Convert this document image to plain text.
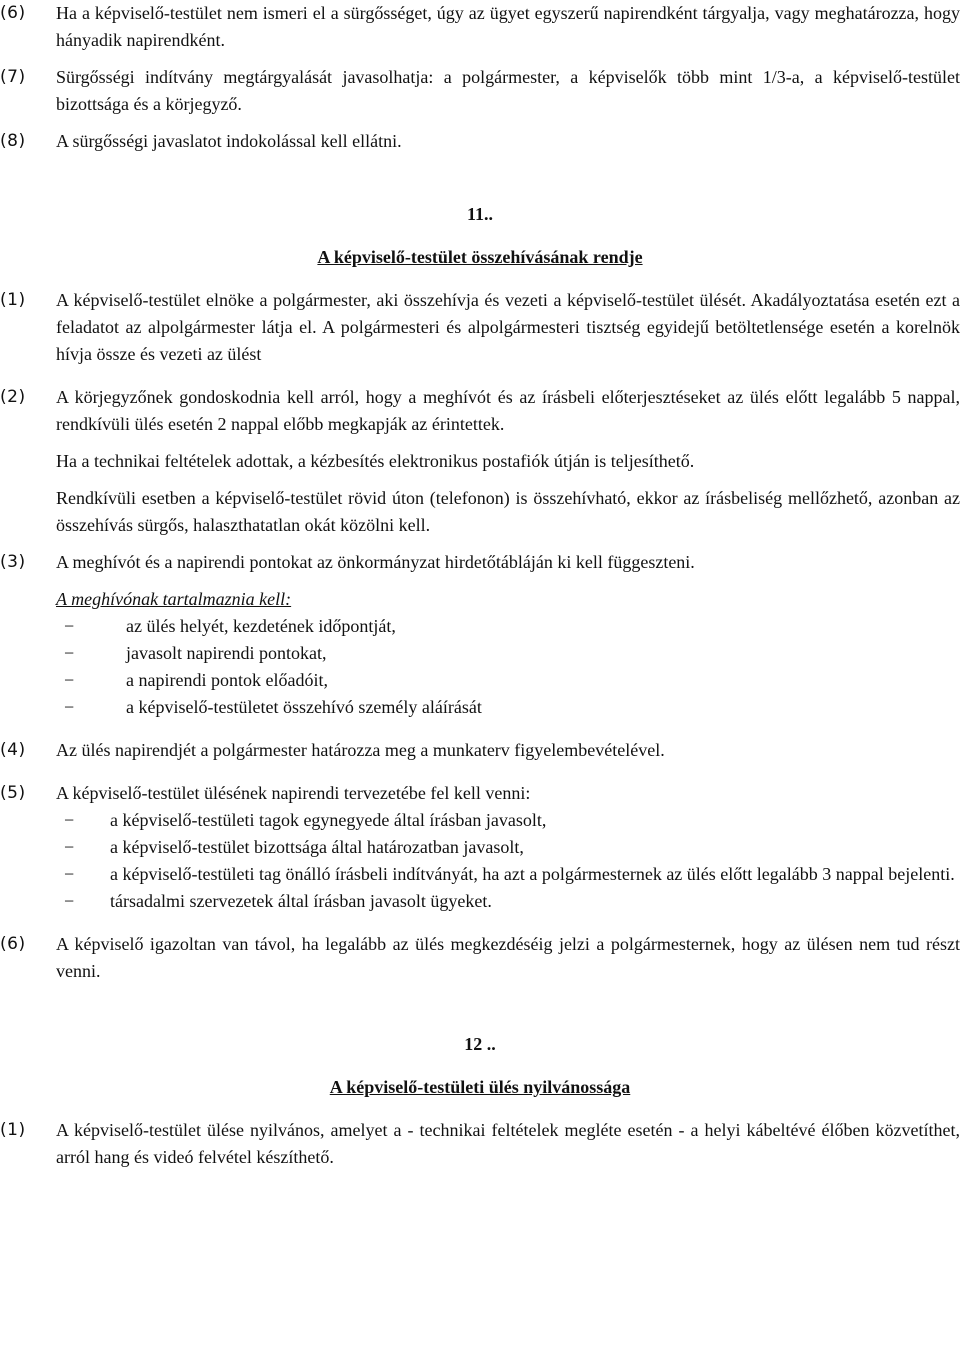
(6) Ha a képviselő-testület nem ismeri el a sürgősséget, úgy az ügyet egyszerű napirendként tárgyalja, vagy meghatározza, hogy hányadik napirendként.
(7) Sürgősségi indítvány megtárgyalását javasolhatja: a polgármester, a képviselők több mint 1/3-a, a képviselő-testület bizottsága és a körjegyző.
(8) A sürgősségi javaslatot indokolással kell ellátni.
11..
A képviselő-testület összehívásának rendje
(1) A képviselő-testület elnöke a polgármester, aki összehívja és vezeti a képviselő-testület ülését. Akadályoztatása esetén ezt a feladatot az alpolgármester látja el. A polgármesteri és alpolgármesteri tisztség egyidejű betöltetlensége esetén a korelnök hívja össze és vezeti az ülést
(2) A körjegyzőnek gondoskodnia kell arról, hogy a meghívót és az írásbeli előterjesztéseket az ülés előtt legalább 5 nappal, rendkívüli ülés esetén 2 nappal előbb megkapják az érintettek.
Ha a technikai feltételek adottak, a kézbesítés elektronikus postafiók útján is teljesíthető.
Rendkívüli esetben a képviselő-testület rövid úton (telefonon) is összehívható, ekkor az írásbeliség mellőzhető, azonban az összehívás sürgős, halaszthatatlan okát közölni kell.
(3) A meghívót és a napirendi pontokat az önkormányzat hirdetőtábláján ki kell függeszteni.
A meghívónak tartalmaznia kell:
−	az ülés helyét, kezdetének időpontját,
−	javasolt napirendi pontokat,
−	a napirendi pontok előadóit,
−	a képviselő-testületet összehívó személy aláírását
(4) Az ülés napirendjét a polgármester határozza meg a munkaterv figyelembevételével.
(5) A képviselő-testület ülésének napirendi tervezetébe fel kell venni:
− a képviselő-testületi tagok egynegyede által írásban javasolt,
− a képviselő-testület bizottsága által határozatban javasolt,
− a képviselő-testületi tag önálló írásbeli indítványát, ha azt a polgármesternek az ülés előtt legalább 3 nappal bejelenti.
− társadalmi szervezetek által írásban javasolt ügyeket.
(6) A képviselő igazoltan van távol, ha legalább az ülés megkezdéséig jelzi a polgármesternek, hogy az ülésen nem tud részt venni.
12 ..
A képviselő-testületi ülés nyilvánossága
(1) A képviselő-testület ülése nyilvános, amelyet a - technikai feltételek megléte esetén - a helyi kábeltévé élőben közvetíthet, arról hang és videó felvétel készíthető.
